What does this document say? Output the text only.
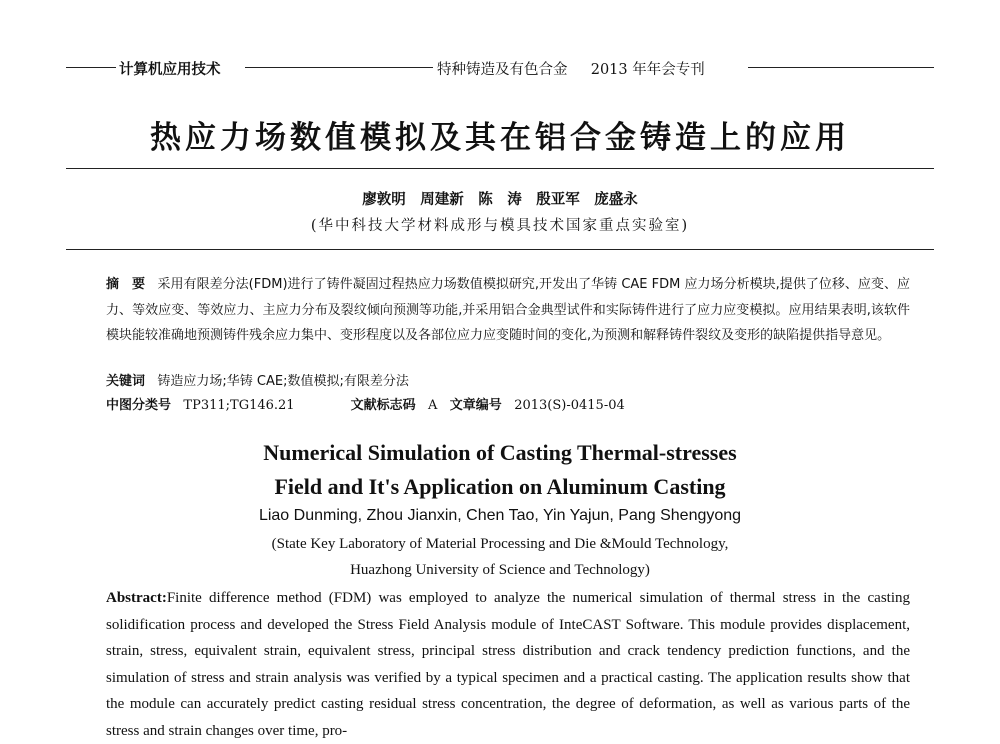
计算机应用技术	特种铸造及有色合金 2013 年年会专刊
热应力场数值模拟及其在铝合金铸造上的应用
廖敦明　周建新　陈　涛　殷亚军　庞盛永
(华中科技大学材料成形与模具技术国家重点实验室)
摘　要 采用有限差分法(FDM)进行了铸件凝固过程热应力场数值模拟研究,开发出了华铸 CAE FDM 应力场分析模块,提供了位移、应变、应力、等效应变、等效应力、主应力分布及裂纹倾向预测等功能,并采用铝合金典型试件和实际铸件进行了应力应变模拟。应用结果表明,该软件模块能较准确地预测铸件残余应力集中、变形程度以及各部位应力应变随时间的变化,为预测和解释铸件裂纹及变形的缺陷提供指导意见。
关键词 铸造应力场;华铸 CAE;数值模拟;有限差分法
中图分类号 TP311;TG146.21	文献标志码 A 文章编号 2013(S)-0415-04
Numerical Simulation of Casting Thermal-stresses
Field and It's Application on Aluminum Casting
Liao Dunming, Zhou Jianxin, Chen Tao, Yin Yajun, Pang Shengyong
(State Key Laboratory of Material Processing and Die &Mould Technology,
Huazhong University of Science and Technology)
Abstract:Finite difference method (FDM) was employed to analyze the numerical simulation of thermal stress in the casting solidification process and developed the Stress Field Analysis module of InteCAST Software. This module provides displacement, strain, stress, equivalent strain, equivalent stress, principal stress distribution and crack tendency prediction functions, and the simulation of stress and strain analysis was verified by a typical specimen and a practical casting. The application results show that the module can accurately predict casting residual stress concentration, the degree of deformation, as well as various parts of the stress and strain changes over time, pro-
